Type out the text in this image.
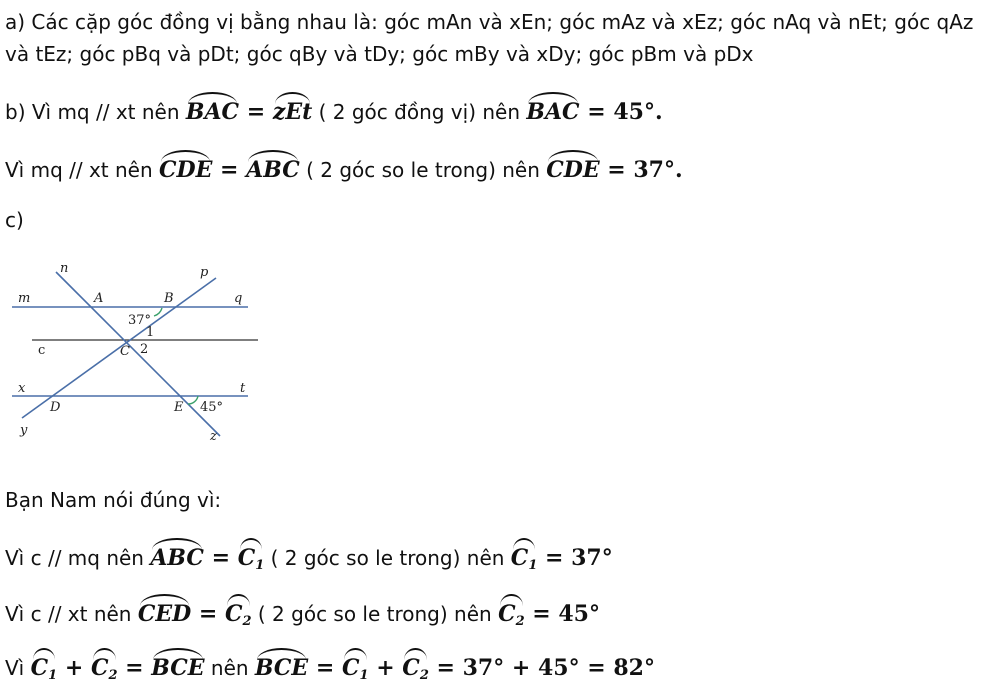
a) Các cặp góc đồng vị bằng nhau là: góc mAn và xEn; góc mAz và xEz; góc nAq và nEt; góc qAz
và tEz; góc pBq và pDt; góc qBy và tDy; góc mBy và xDy; góc pBm và pDx
b) Vì mq // xt nên BAC = zEt ( 2 góc đồng vị) nên BAC = 45°.
Vì mq // xt nên CDE = ABC ( 2 góc so le trong) nên CDE = 37°.
c)
n	p
m	A	B	q
37°
1
c	C 2
x	t
D	E 45°
y	z
Bạn Nam nói đúng vì:
Vì c // mq nên ABC = $C_1$ ( 2 góc so le trong) nên $C_1 = 37^\circ$
Vì c // xt nên CED = $C_2$ ( 2 góc so le trong) nên $C_2 = 45^\circ$
Vì $C_1 + C_2$ = BCE nên BCE = $C_1 + C_2 = 37^\circ + 45^\circ = 82^\circ$
